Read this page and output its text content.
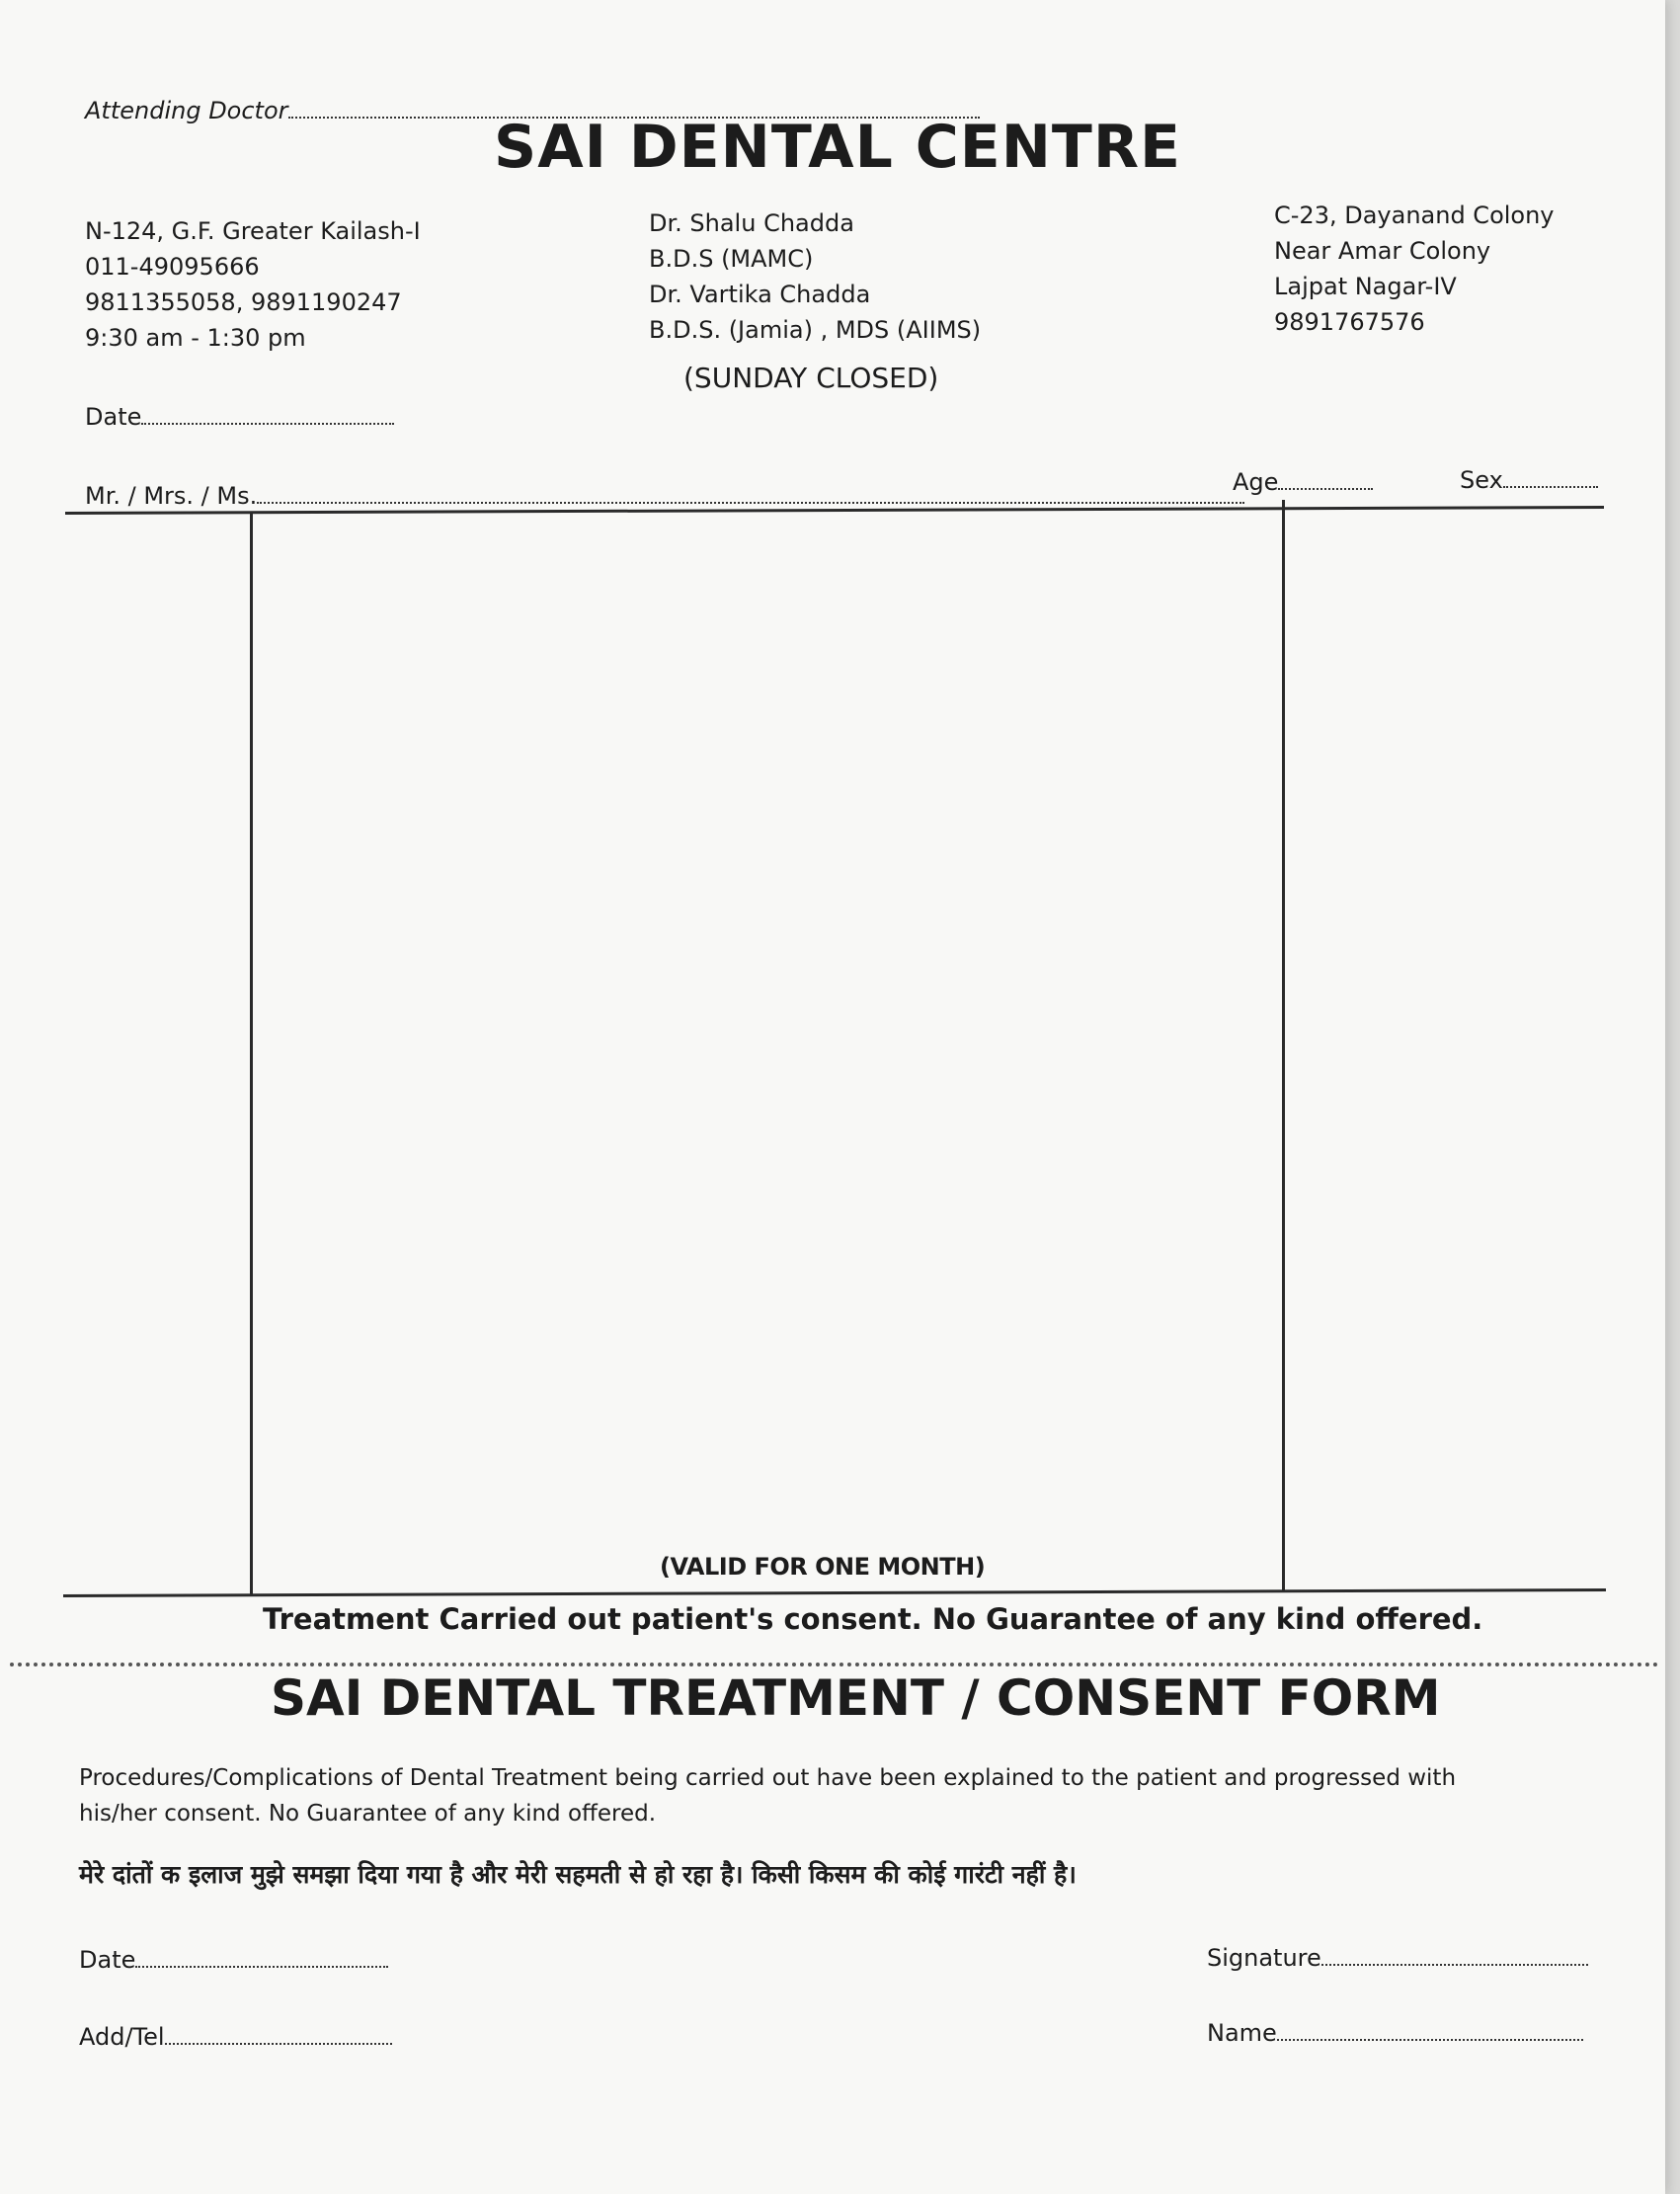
Attending Doctor
SAI DENTAL CENTRE
N-124, G.F. Greater Kailash-I
011-49095666
9811355058, 9891190247
9:30 am - 1:30 pm
Dr. Shalu Chadda
B.D.S (MAMC)
Dr. Vartika Chadda
B.D.S. (Jamia) , MDS (AIIMS)
(SUNDAY CLOSED)
C-23, Dayanand Colony
Near Amar Colony
Lajpat Nagar-IV
9891767576
Date
Mr. / Mrs. / Ms.	Age	Sex
(VALID FOR ONE MONTH)
Treatment Carried out patient's consent. No Guarantee of any kind offered.
SAI DENTAL TREATMENT / CONSENT FORM
Procedures/Complications of Dental Treatment being carried out have been explained to the patient and progressed with
his/her consent. No Guarantee of any kind offered.
मेरे दांतों क इलाज मुझे समझा दिया गया है और मेरी सहमती से हो रहा है। किसी किसम की कोई गारंटी नहीं है।
Date
Add/Tel
Signature
Name
